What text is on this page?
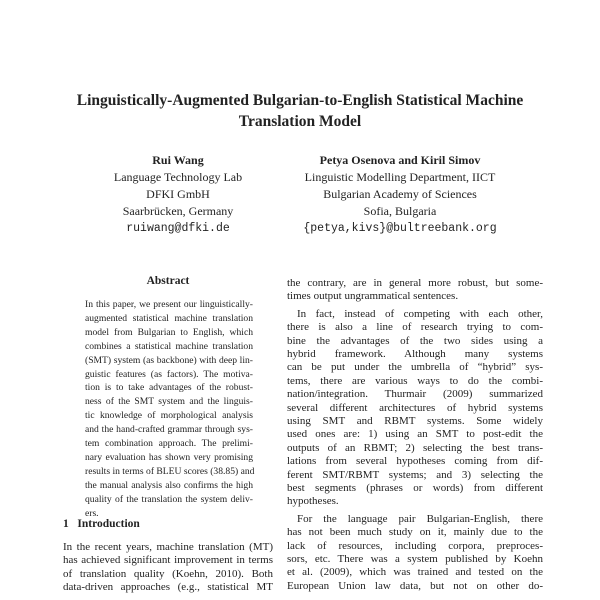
Linguistically-Augmented Bulgarian-to-English Statistical Machine
Translation Model
Rui Wang
Language Technology Lab
DFKI GmbH
Saarbrücken, Germany
ruiwang@dfki.de
Petya Osenova and Kiril Simov
Linguistic Modelling Department, IICT
Bulgarian Academy of Sciences
Sofia, Bulgaria
{petya,kivs}@bultreebank.org
Abstract
In this paper, we present our linguistically-
augmented statistical machine translation
model from Bulgarian to English, which
combines a statistical machine translation
(SMT) system (as backbone) with deep lin-
guistic features (as factors). The motiva-
tion is to take advantages of the robust-
ness of the SMT system and the linguis-
tic knowledge of morphological analysis
and the hand-crafted grammar through sys-
tem combination approach. The prelimi-
nary evaluation has shown very promising
results in terms of BLEU scores (38.85) and
the manual analysis also confirms the high
quality of the translation the system deliv-
ers.
1 Introduction
In the recent years, machine translation (MT)
has achieved significant improvement in terms
of translation quality (Koehn, 2010). Both
data-driven approaches (e.g., statistical MT
the contrary, are in general more robust, but some-
times output ungrammatical sentences.
In fact, instead of competing with each other,
there is also a line of research trying to com-
bine the advantages of the two sides using a
hybrid framework. Although many systems
can be put under the umbrella of “hybrid” sys-
tems, there are various ways to do the combi-
nation/integration. Thurmair (2009) summarized
several different architectures of hybrid systems
using SMT and RBMT systems. Some widely
used ones are: 1) using an SMT to post-edit the
outputs of an RBMT; 2) selecting the best trans-
lations from several hypotheses coming from dif-
ferent SMT/RBMT systems; and 3) selecting the
best segments (phrases or words) from different
hypotheses.
For the language pair Bulgarian-English, there
has not been much study on it, mainly due to the
lack of resources, including corpora, preproces-
sors, etc. There was a system published by Koehn
et al. (2009), which was trained and tested on the
European Union law data, but not on other do-
